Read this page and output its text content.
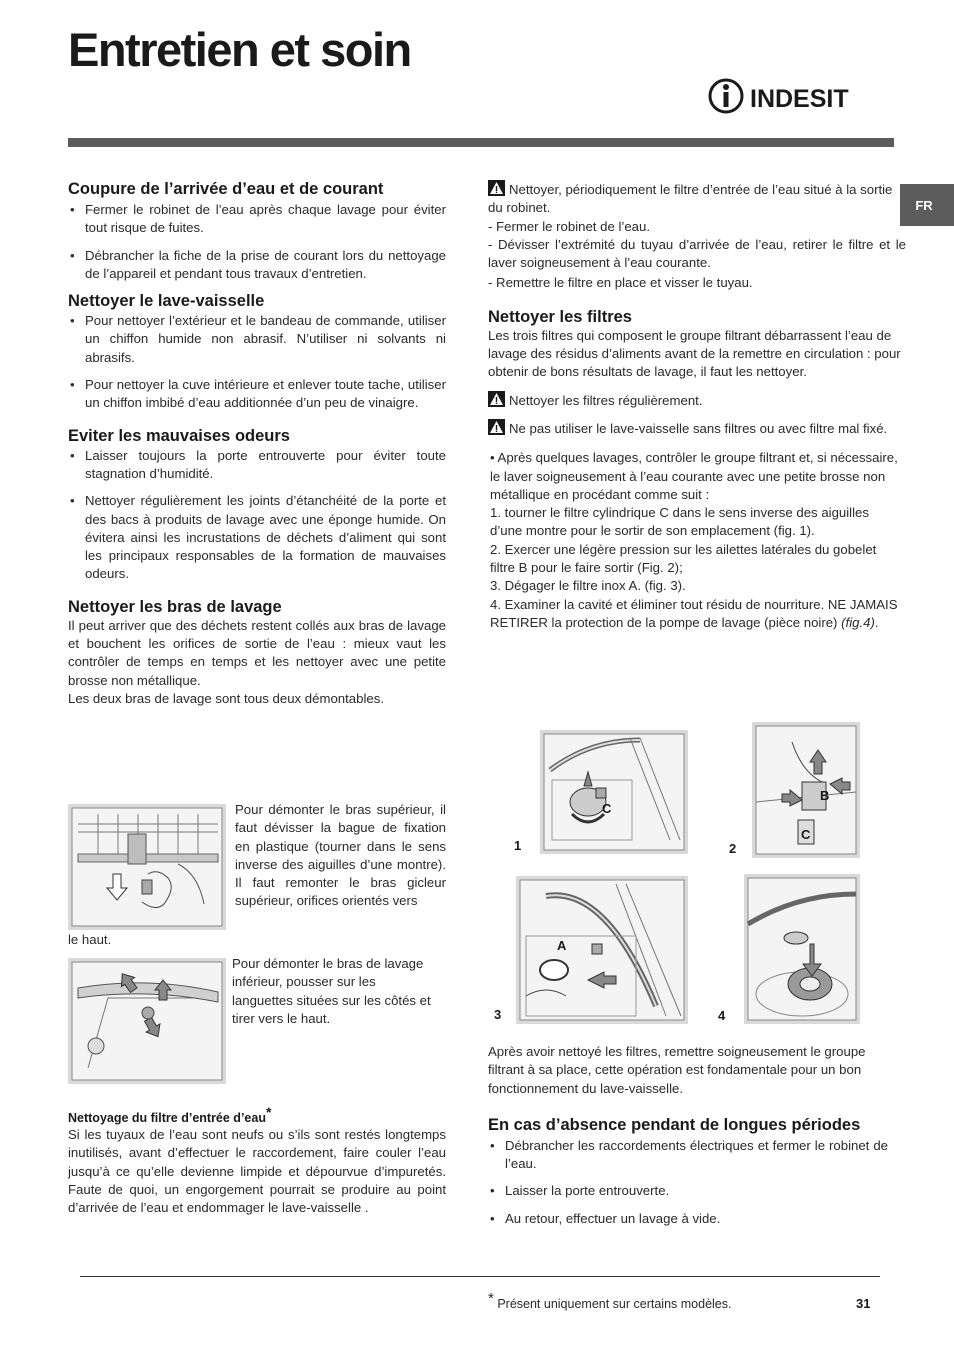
Entretien et soin
INDESIT
FR
Coupure de l’arrivée d’eau et de courant
• Fermer le robinet de l’eau après chaque lavage pour éviter tout risque de fuites.
• Débrancher la fiche de la prise de courant lors du nettoyage de l’appareil et pendant tous travaux d’entretien.
Nettoyer le lave-vaisselle
• Pour nettoyer l’extérieur et le bandeau de commande, utiliser un chiffon humide non abrasif. N’utiliser ni solvants ni abrasifs.
• Pour nettoyer la cuve intérieure et enlever toute tache, utiliser un chiffon imbibé d’eau additionnée d’un peu de vinaigre.
Eviter les mauvaises odeurs
• Laisser toujours la porte entrouverte pour éviter toute stagnation d’humidité.
• Nettoyer régulièrement les joints d’étanchéité de la porte et des bacs à produits de lavage avec une éponge humide. On évitera ainsi les incrustations de déchets d’aliment qui sont les principaux responsables de la formation de mauvaises odeurs.
Nettoyer les bras de lavage

Il peut arriver que des déchets restent collés aux bras de lavage et bouchent les orifices de sortie de l’eau : mieux vaut les contrôler de temps en temps et les nettoyer avec une petite brosse non métallique.

Les deux bras de lavage sont tous deux démontables.

Pour démonter le bras supérieur, il faut dévisser la bague de fixation en plastique (tourner dans le sens inverse des aiguilles d’une montre). Il faut remonter le bras gicleur supérieur, orifices orientés vers
le haut.
Pour démonter le bras de lavage inférieur, pousser sur les languettes situées sur les côtés et tirer vers le haut.
Nettoyage du filtre d’entrée d’eau*

Si les tuyaux de l’eau sont neufs ou s’ils sont restés longtemps inutilisés, avant d’effectuer le raccordement, faire couler l’eau jusqu’à ce qu’elle devienne limpide et dépourvue d’impuretés. Faute de quoi, un engorgement pourrait se produire au point d’arrivée de l’eau et endommager le lave-vaisselle .

Nettoyer, périodiquement le filtre d’entrée de l’eau situé à la sortie du robinet.

- Fermer le robinet de l’eau.

- Dévisser l’extrémité du tuyau d’arrivée de l’eau, retirer le filtre et le laver soigneusement à l’eau courante.

- Remettre le filtre en place et visser le tuyau.

Nettoyer les filtres

Les trois filtres qui composent le groupe filtrant débarrassent l’eau de lavage des résidus d’aliments avant de la remettre en circulation : pour obtenir de bons résultats de lavage, il faut les nettoyer.

Nettoyer les filtres régulièrement.

Ne pas utiliser le lave-vaisselle sans filtres ou avec filtre mal fixé.

• Après quelques lavages, contrôler le groupe filtrant et, si nécessaire, le laver soigneusement à l’eau courante avec une petite brosse non métallique en procédant comme suit :

1. tourner le filtre cylindrique C dans le sens inverse des aiguilles d’une montre pour le sortir de son emplacement (fig. 1).

2. Exercer une légère pression sur les ailettes latérales du gobelet filtre B pour le faire sortir (Fig. 2);

3. Dégager le filtre inox A. (fig. 3).

4. Examiner la cavité et éliminer tout résidu de nourriture. NE JAMAIS RETIRER la protection de la pompe de lavage (pièce noire) (fig.4).

C
B
C
A
1	2
3	4

Après avoir nettoyé les filtres, remettre soigneusement le groupe filtrant à sa place, cette opération est fondamentale pour un bon fonctionnement du lave-vaisselle.

En cas d’absence pendant de longues périodes
• Débrancher les raccordements électriques et fermer le robinet de l’eau.
• Laisser la porte entrouverte.
• Au retour, effectuer un lavage à vide.
* Présent uniquement sur certains modèles.	31
